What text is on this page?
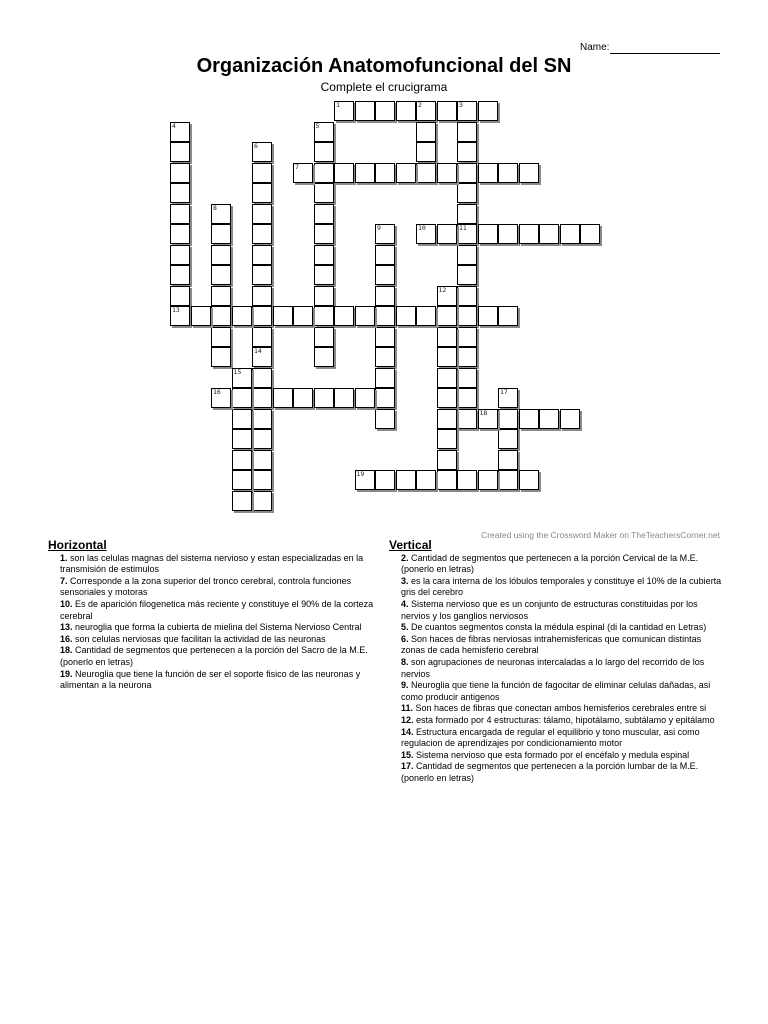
Name:
Organización Anatomofuncional del SN
Complete el crucigrama
1	2	3
11
4
13
5
6
14
7
8
9	10
12
15
16	17
18
19
Created using the Crossword Maker on TheTeachersCorner.net
Horizontal
1. son las celulas magnas del sistema nervioso y estan especializadas en la transmisión de estimulos
7. Corresponde a la zona superior del tronco cerebral, controla funciones sensoriales y motoras
10. Es de aparición filogenetica más reciente y constituye el 90% de la corteza cerebral
13. neuroglia que forma la cubierta de mielina del Sistema Nervioso Central
16. son celulas nerviosas que facilitan la actividad de las neuronas
18. Cantidad de segmentos que pertenecen a la porción del Sacro de la M.E. (ponerlo en letras)
19. Neuroglia que tiene la función de ser el soporte fisico de las neuronas y alimentan a la neurona
Vertical
2. Cantidad de segmentos que pertenecen a la porción Cervical de la M.E. (ponerlo en letras)
3. es la cara interna de los lóbulos temporales y constituye el 10% de la cubierta gris del cerebro
4. Sistema nervioso que es un conjunto de estructuras constituidas por los nervios y los ganglios nerviosos
5. De cuantos segmentos consta la médula espinal (di la cantidad en Letras)
6. Son haces de fibras nerviosas intrahemisfericas que comunican distintas zonas de cada hemisferio cerebral
8. son agrupaciones de neuronas intercaladas a lo largo del recorrido de los nervios
9. Neuroglia que tiene la función de fagocitar de eliminar celulas dañadas, asi como producir antigenos
11. Son haces de fibras que conectan ambos hemisferios cerebrales entre si
12. esta formado por 4 estructuras: tálamo, hipotálamo, subtálamo y epitálamo
14. Estructura encargada de regular el equilibrio y tono muscular, asi como regulacion de aprendizajes por condicionamiento motor
15. Sistema nervioso que esta formado por el encéfalo y medula espinal
17. Cantidad de segmentos que pertenecen a la porción lumbar de la M.E. (ponerlo en letras)
